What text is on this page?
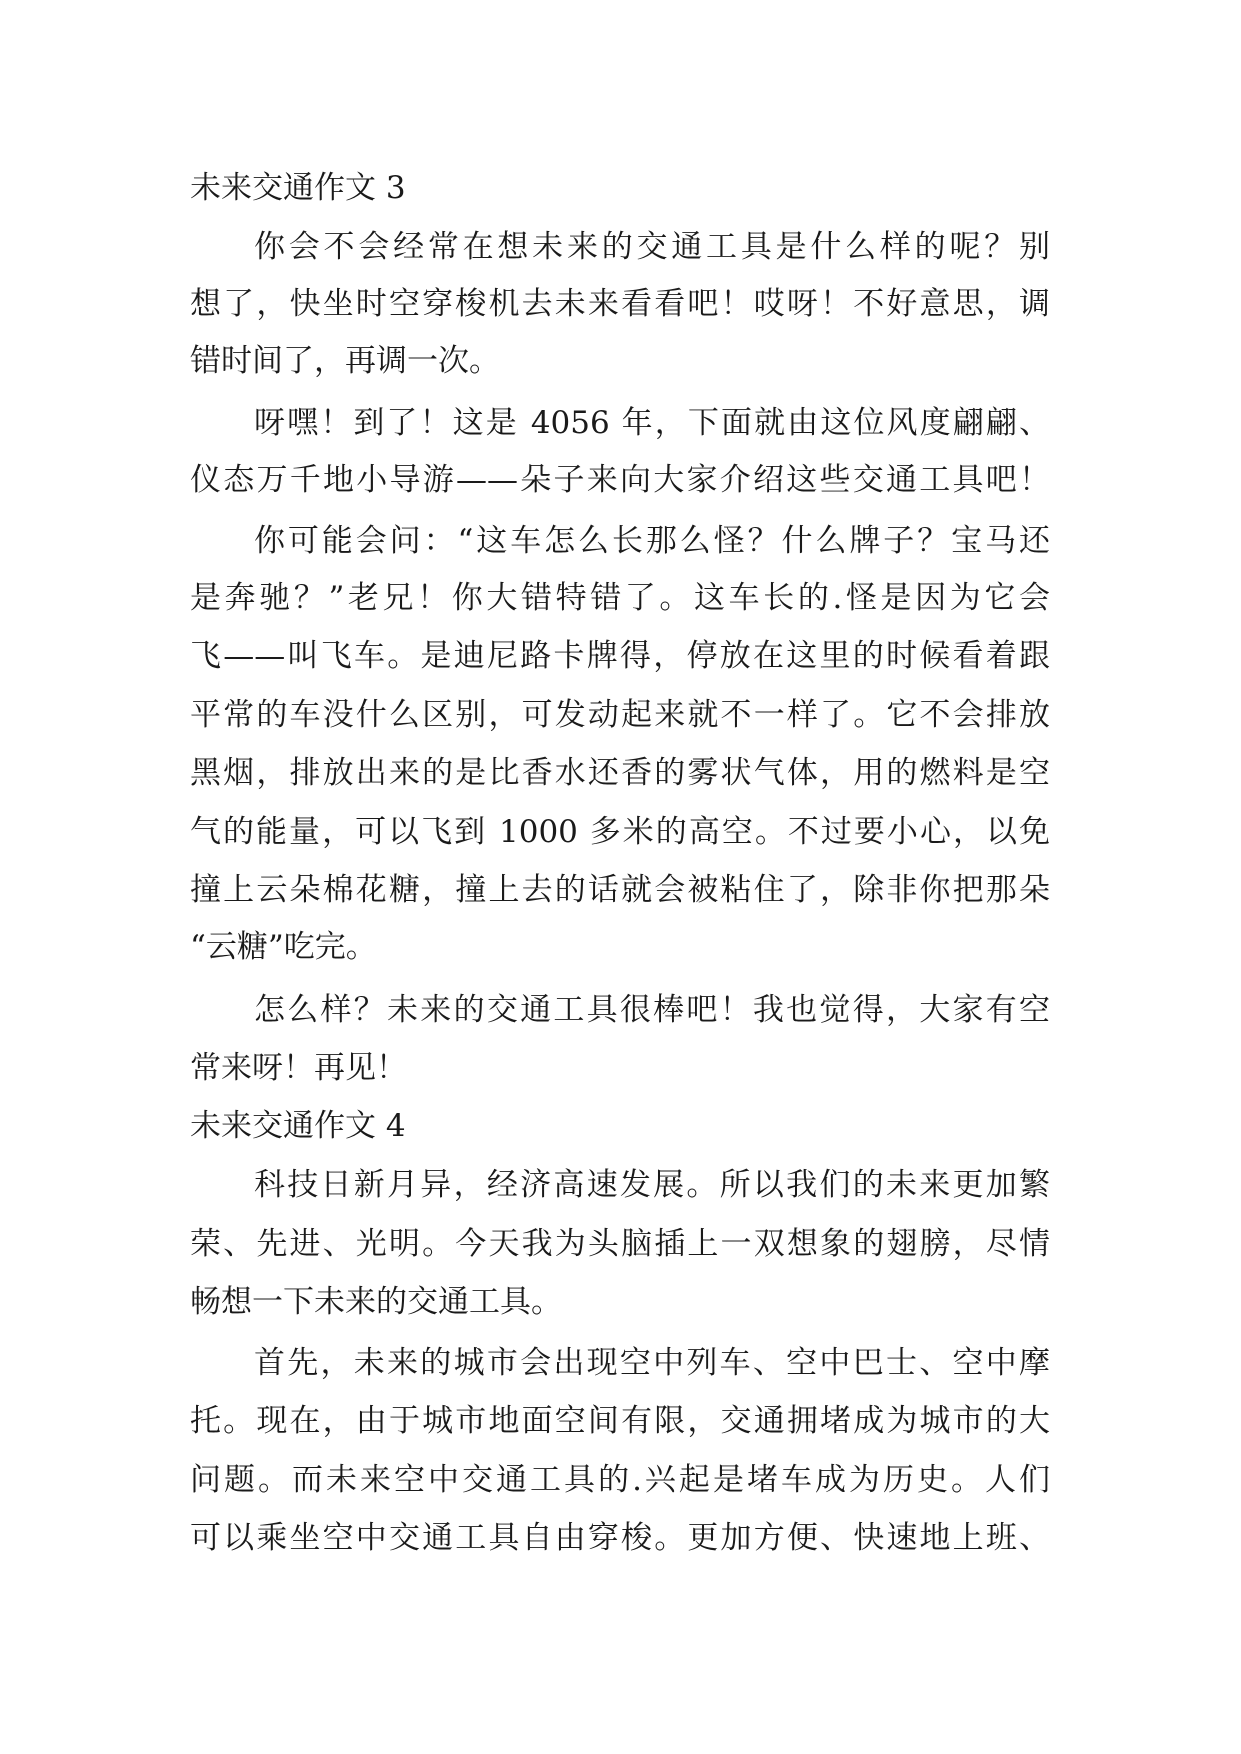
未来交通作文 3
你会不会经常在想未来的交通工具是什么样的呢？别
想了，快坐时空穿梭机去未来看看吧！哎呀！不好意思，调
错时间了，再调一次。
呀嘿！到了！这是 4056 年，下面就由这位风度翩翩、
仪态万千地小导游——朵子来向大家介绍这些交通工具吧！
你可能会问：“这车怎么长那么怪？什么牌子？宝马还
是奔驰？”老兄！你大错特错了。这车长的.怪是因为它会
飞——叫飞车。是迪尼路卡牌得，停放在这里的时候看着跟
平常的车没什么区别，可发动起来就不一样了。它不会排放
黑烟，排放出来的是比香水还香的雾状气体，用的燃料是空
气的能量，可以飞到 1000 多米的高空。不过要小心，以免
撞上云朵棉花糖，撞上去的话就会被粘住了，除非你把那朵
“云糖”吃完。
怎么样？未来的交通工具很棒吧！我也觉得，大家有空
常来呀！再见！
未来交通作文 4
科技日新月异，经济高速发展。所以我们的未来更加繁
荣、先进、光明。今天我为头脑插上一双想象的翅膀，尽情
畅想一下未来的交通工具。
首先，未来的城市会出现空中列车、空中巴士、空中摩
托。现在，由于城市地面空间有限，交通拥堵成为城市的大
问题。而未来空中交通工具的.兴起是堵车成为历史。人们
可以乘坐空中交通工具自由穿梭。更加方便、快速地上班、
